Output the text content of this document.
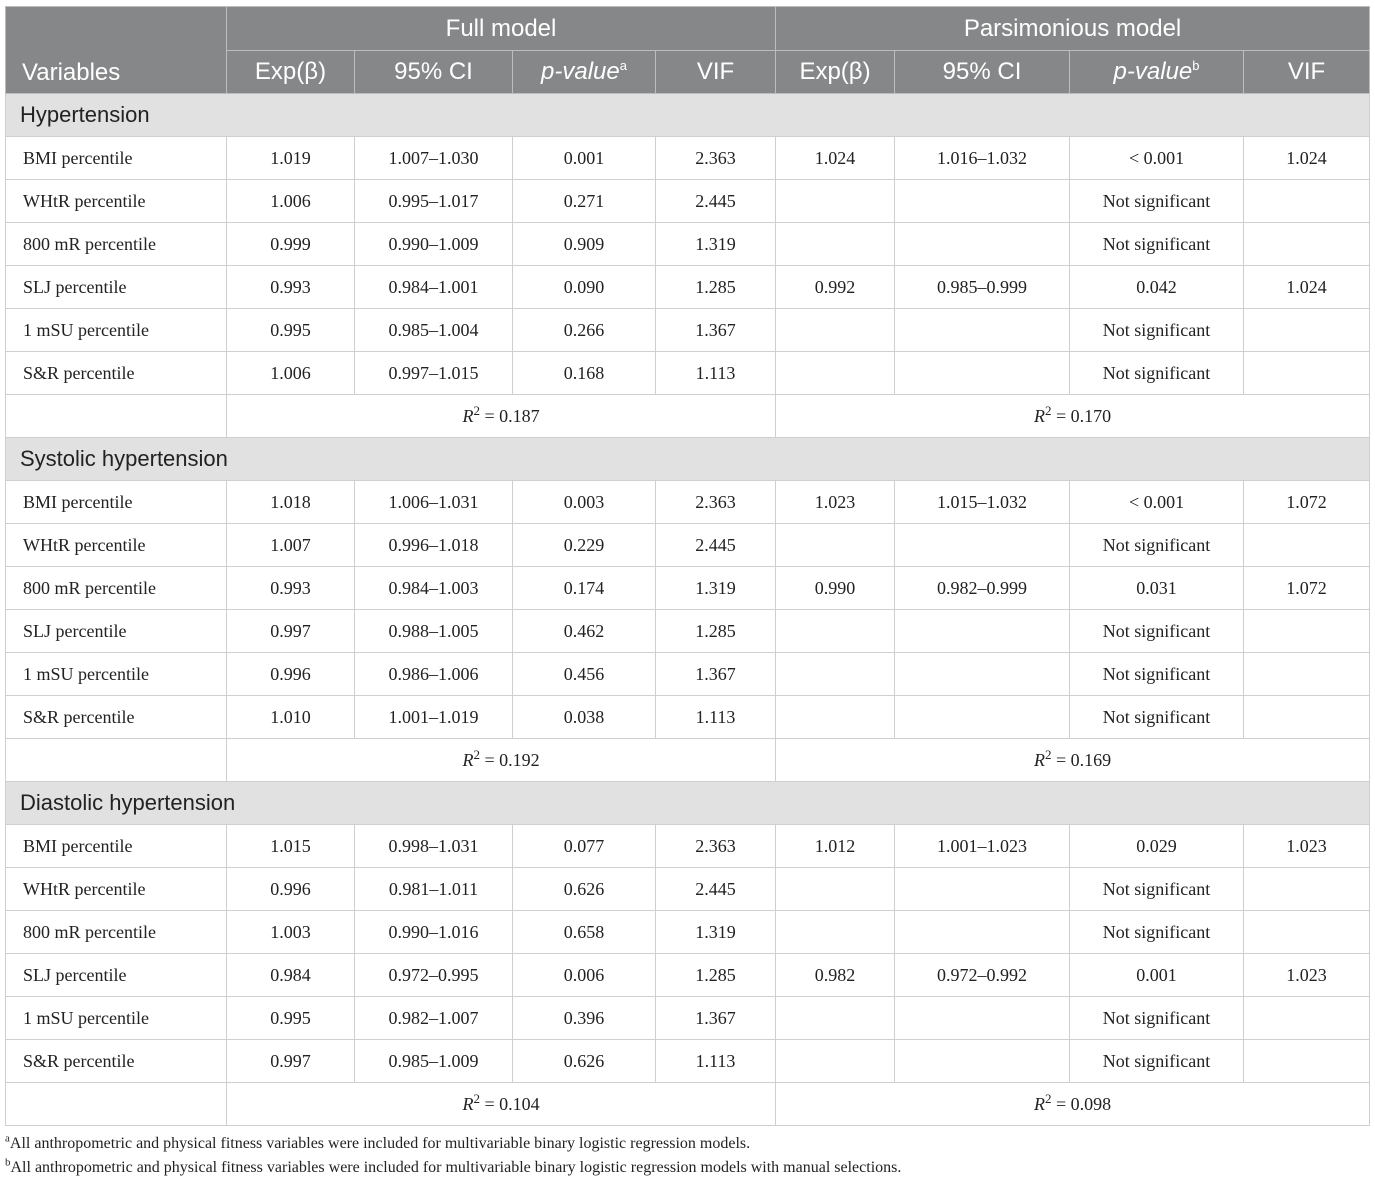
Variables	Full model				Parsimonious model			
	Exp(β)	95% CI	p-value$^a$	VIF	Exp(β)	95% CI	p-value$^b$	VIF
Hypertension								
BMI percentile	1.019	1.007–1.030	0.001	2.363	1.024	1.016–1.032	< 0.001	1.024
WHtR percentile	1.006	0.995–1.017	0.271	2.445			Not significant	
800 mR percentile	0.999	0.990–1.009	0.909	1.319			Not significant	
SLJ percentile	0.993	0.984–1.001	0.090	1.285	0.992	0.985–0.999	0.042	1.024
1 mSU percentile	0.995	0.985–1.004	0.266	1.367			Not significant	
S&R percentile	1.006	0.997–1.015	0.168	1.113			Not significant	
	$R^2 = 0.187$				$R^2 = 0.170$			
Systolic hypertension								
BMI percentile	1.018	1.006–1.031	0.003	2.363	1.023	1.015–1.032	< 0.001	1.072
WHtR percentile	1.007	0.996–1.018	0.229	2.445			Not significant	
800 mR percentile	0.993	0.984–1.003	0.174	1.319	0.990	0.982–0.999	0.031	1.072
SLJ percentile	0.997	0.988–1.005	0.462	1.285			Not significant	
1 mSU percentile	0.996	0.986–1.006	0.456	1.367			Not significant	
S&R percentile	1.010	1.001–1.019	0.038	1.113			Not significant	
	$R^2 = 0.192$				$R^2 = 0.169$			
Diastolic hypertension								
BMI percentile	1.015	0.998–1.031	0.077	2.363	1.012	1.001–1.023	0.029	1.023
WHtR percentile	0.996	0.981–1.011	0.626	2.445			Not significant	
800 mR percentile	1.003	0.990–1.016	0.658	1.319			Not significant	
SLJ percentile	0.984	0.972–0.995	0.006	1.285	0.982	0.972–0.992	0.001	1.023
1 mSU percentile	0.995	0.982–1.007	0.396	1.367			Not significant	
S&R percentile	0.997	0.985–1.009	0.626	1.113			Not significant	
	$R^2 = 0.104$				$R^2 = 0.098$			
$^a$All anthropometric and physical fitness variables were included for multivariable binary logistic regression models.
$^b$All anthropometric and physical fitness variables were included for multivariable binary logistic regression models with manual selections.
